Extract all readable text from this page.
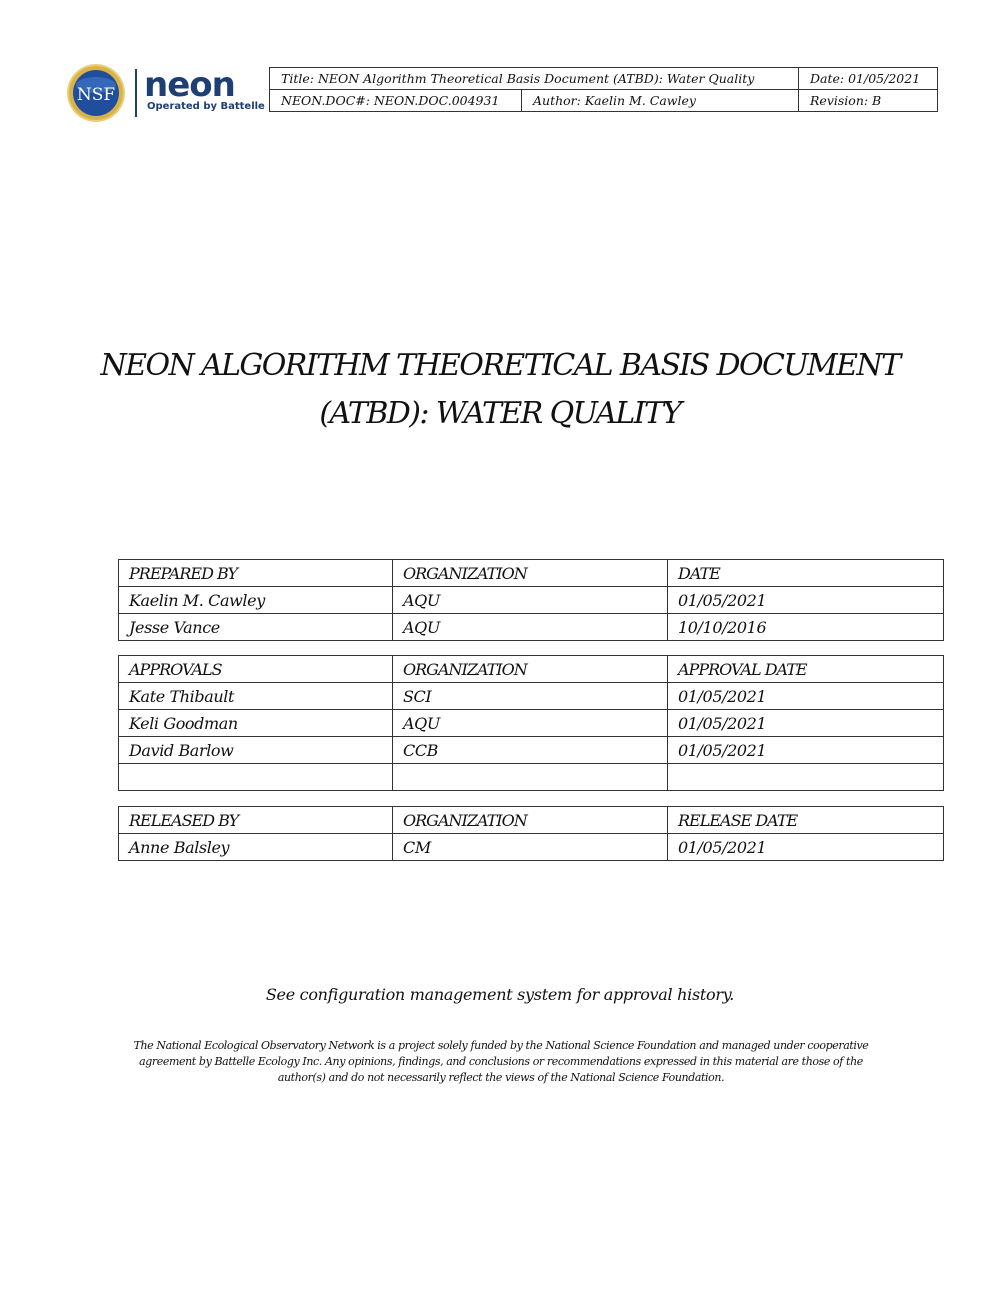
NSF neon
Operated by Battelle
Title: NEON Algorithm Theoretical Basis Document (ATBD): Water Quality		Date: 01/05/2021
NEON.DOC#: NEON.DOC.004931	Author: Kaelin M. Cawley	Revision: B
NEON ALGORITHM THEORETICAL BASIS DOCUMENT
(ATBD): WATER QUALITY
PREPARED BY	ORGANIZATION	DATE
Kaelin M. Cawley	AQU	01/05/2021
Jesse Vance	AQU	10/10/2016
APPROVALS	ORGANIZATION	APPROVAL DATE
Kate Thibault	SCI	01/05/2021
Keli Goodman	AQU	01/05/2021
David Barlow	CCB	01/05/2021

RELEASED BY	ORGANIZATION	RELEASE DATE
Anne Balsley	CM	01/05/2021
See configuration management system for approval history.
The National Ecological Observatory Network is a project solely funded by the National Science Foundation and managed under cooperative
agreement by Battelle Ecology Inc. Any opinions, findings, and conclusions or recommendations expressed in this material are those of the
author(s) and do not necessarily reflect the views of the National Science Foundation.
